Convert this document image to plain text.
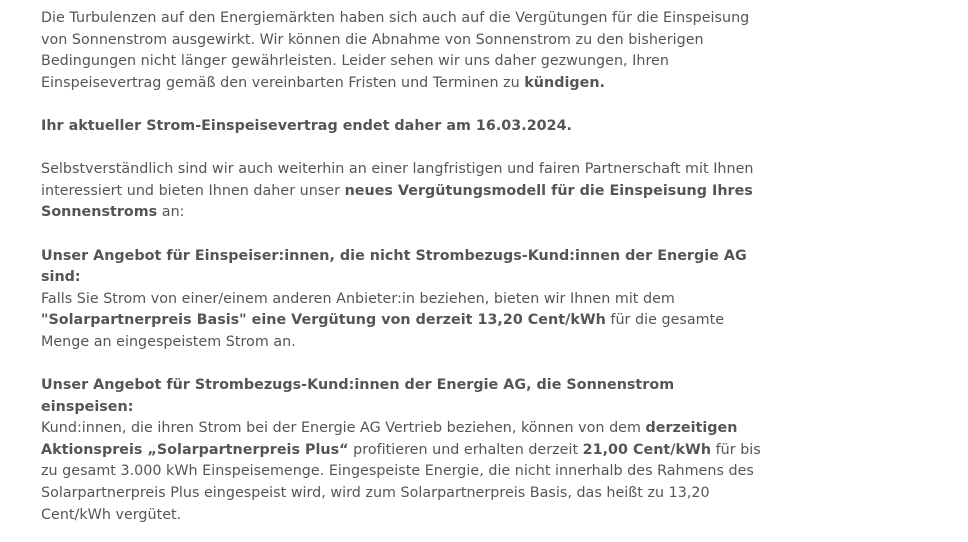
Die Turbulenzen auf den Energiemärkten haben sich auch auf die Vergütungen für die Einspeisung von Sonnenstrom ausgewirkt. Wir können die Abnahme von Sonnenstrom zu den bisherigen Bedingungen nicht länger gewährleisten. Leider sehen wir uns daher gezwungen, Ihren Einspeisevertrag gemäß den vereinbarten Fristen und Terminen zu kündigen.

Ihr aktueller Strom-Einspeisevertrag endet daher am 16.03.2024.

Selbstverständlich sind wir auch weiterhin an einer langfristigen und fairen Partnerschaft mit Ihnen interessiert und bieten Ihnen daher unser neues Vergütungsmodell für die Einspeisung Ihres Sonnenstroms an:

Unser Angebot für Einspeiser:innen, die nicht Strombezugs-Kund:innen der Energie AG sind:

Falls Sie Strom von einer/einem anderen Anbieter:in beziehen, bieten wir Ihnen mit dem "Solarpartnerpreis Basis" eine Vergütung von derzeit 13,20 Cent/kWh für die gesamte Menge an eingespeistem Strom an.

Unser Angebot für Strombezugs-Kund:innen der Energie AG, die Sonnenstrom einspeisen:

Kund:innen, die ihren Strom bei der Energie AG Vertrieb beziehen, können von dem derzeitigen Aktionspreis „Solarpartnerpreis Plus“ profitieren und erhalten derzeit 21,00 Cent/kWh für bis zu gesamt 3.000 kWh Einspeisemenge. Eingespeiste Energie, die nicht innerhalb des Rahmens des Solarpartnerpreis Plus eingespeist wird, wird zum Solarpartnerpreis Basis, das heißt zu 13,20 Cent/kWh vergütet.
